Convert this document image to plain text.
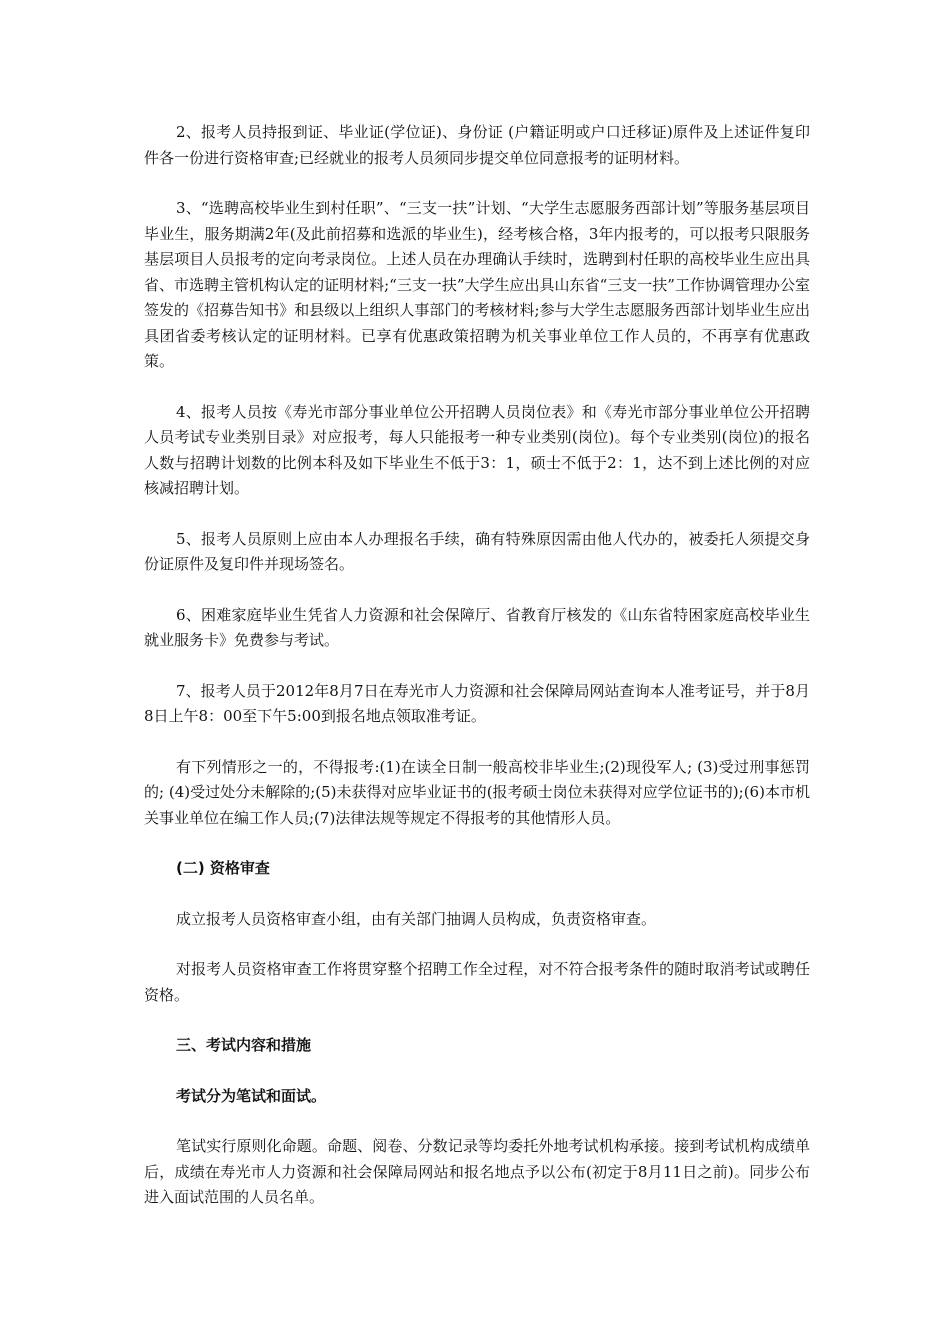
2、报考人员持报到证、毕业证(学位证)、身份证 (户籍证明或户口迁移证)原件及上述证件复印件各一份进行资格审查;已经就业的报考人员须同步提交单位同意报考的证明材料。

3、“选聘高校毕业生到村任职”、“三支一扶”计划、“大学生志愿服务西部计划”等服务基层项目毕业生，服务期满2年(及此前招募和选派的毕业生)，经考核合格，3年内报考的，可以报考只限服务基层项目人员报考的定向考录岗位。上述人员在办理确认手续时，选聘到村任职的高校毕业生应出具省、市选聘主管机构认定的证明材料;“三支一扶”大学生应出具山东省“三支一扶”工作协调管理办公室签发的《招募告知书》和县级以上组织人事部门的考核材料;参与大学生志愿服务西部计划毕业生应出具团省委考核认定的证明材料。已享有优惠政策招聘为机关事业单位工作人员的，不再享有优惠政策。

4、报考人员按《寿光市部分事业单位公开招聘人员岗位表》和《寿光市部分事业单位公开招聘人员考试专业类别目录》对应报考，每人只能报考一种专业类别(岗位)。每个专业类别(岗位)的报名人数与招聘计划数的比例本科及如下毕业生不低于3：1，硕士不低于2：1，达不到上述比例的对应核减招聘计划。

5、报考人员原则上应由本人办理报名手续，确有特殊原因需由他人代办的，被委托人须提交身份证原件及复印件并现场签名。

6、困难家庭毕业生凭省人力资源和社会保障厅、省教育厅核发的《山东省特困家庭高校毕业生就业服务卡》免费参与考试。

7、报考人员于2012年8月7日在寿光市人力资源和社会保障局网站查询本人准考证号，并于8月8日上午8：00至下午5:00到报名地点领取准考证。

有下列情形之一的，不得报考:(1)在读全日制一般高校非毕业生;(2)现役军人; (3)受过刑事惩罚的; (4)受过处分未解除的;(5)未获得对应毕业证书的(报考硕士岗位未获得对应学位证书的);(6)本市机关事业单位在编工作人员;(7)法律法规等规定不得报考的其他情形人员。

(二) 资格审查

成立报考人员资格审查小组，由有关部门抽调人员构成，负责资格审查。

对报考人员资格审查工作将贯穿整个招聘工作全过程，对不符合报考条件的随时取消考试或聘任资格。

三、考试内容和措施

考试分为笔试和面试。

笔试实行原则化命题。命题、阅卷、分数记录等均委托外地考试机构承接。接到考试机构成绩单后，成绩在寿光市人力资源和社会保障局网站和报名地点予以公布(初定于8月11日之前)。同步公布进入面试范围的人员名单。
